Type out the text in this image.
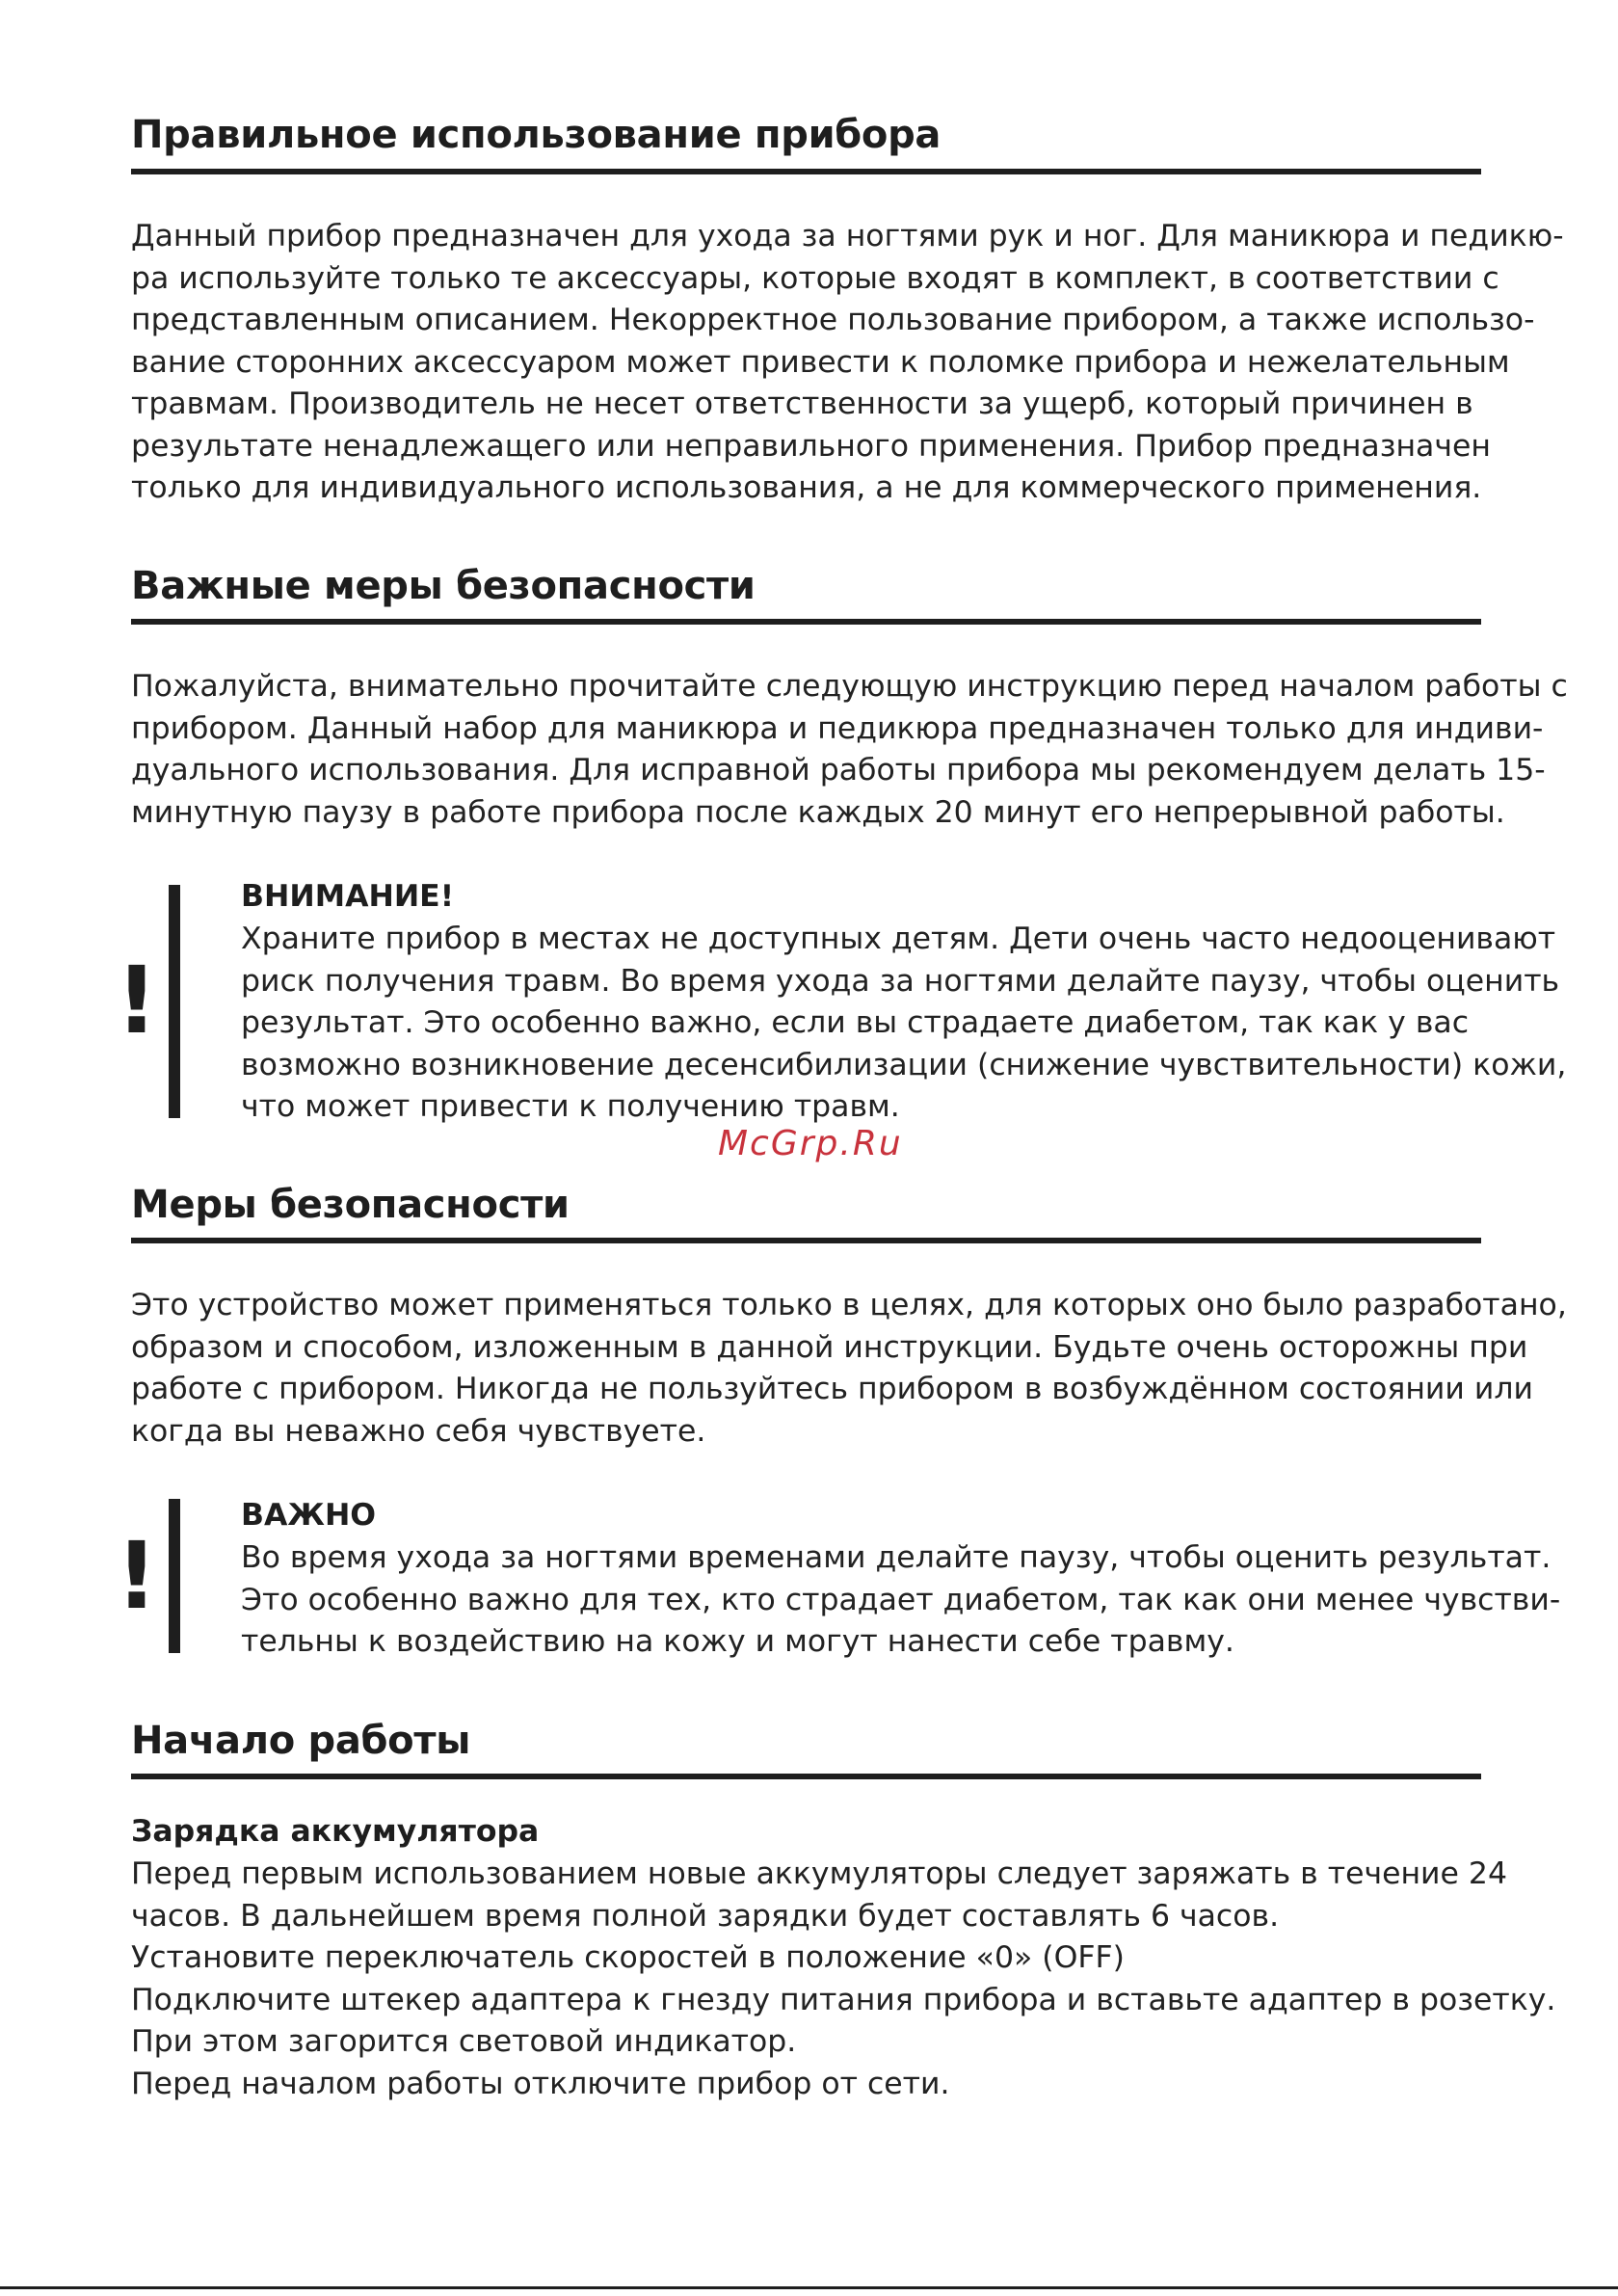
Правильное использование прибора
Данный прибор предназначен для ухода за ногтями рук и ног. Для маникюра и педикю-
ра используйте только те аксессуары, которые входят в комплект, в соответствии с
представленным описанием. Некорректное пользование прибором, а также использо-
вание сторонних аксессуаром может привести к поломке прибора и нежелательным
травмам. Производитель не несет ответственности за ущерб, который причинен в
результате ненадлежащего или неправильного применения. Прибор предназначен
только для индивидуального использования, а не для коммерческого применения.
Важные меры безопасности
Пожалуйста, внимательно прочитайте следующую инструкцию перед началом работы с
прибором. Данный набор для маникюра и педикюра предназначен только для индиви-
дуального использования. Для исправной работы прибора мы рекомендуем делать 15-
минутную паузу в работе прибора после каждых 20 минут его непрерывной работы.
!
ВНИМАНИЕ!
Храните прибор в местах не доступных детям. Дети очень часто недооценивают
риск получения травм. Во время ухода за ногтями делайте паузу, чтобы оценить
результат. Это особенно важно, если вы страдаете диабетом, так как у вас
возможно возникновение десенсибилизации (снижение чувствительности) кожи,
что может привести к получению травм.
Меры безопасности
Это устройство может применяться только в целях, для которых оно было разработано,
образом и способом, изложенным в данной инструкции. Будьте очень осторожны при
работе с прибором. Никогда не пользуйтесь прибором в возбуждённом состоянии или
когда вы неважно себя чувствуете.
!
ВАЖНО
Во время ухода за ногтями временами делайте паузу, чтобы оценить результат.
Это особенно важно для тех, кто страдает диабетом, так как они менее чувстви-
тельны к воздействию на кожу и могут нанести себе травму.
Начало работы
Зарядка аккумулятора
Перед первым использованием новые аккумуляторы следует заряжать в течение 24
часов. В дальнейшем время полной зарядки будет составлять 6 часов.
Установите переключатель скоростей в положение «0» (OFF)
Подключите штекер адаптера к гнезду питания прибора и вставьте адаптер в розетку.
При этом загорится световой индикатор.
Перед началом работы отключите прибор от сети.
McGrp.Ru
